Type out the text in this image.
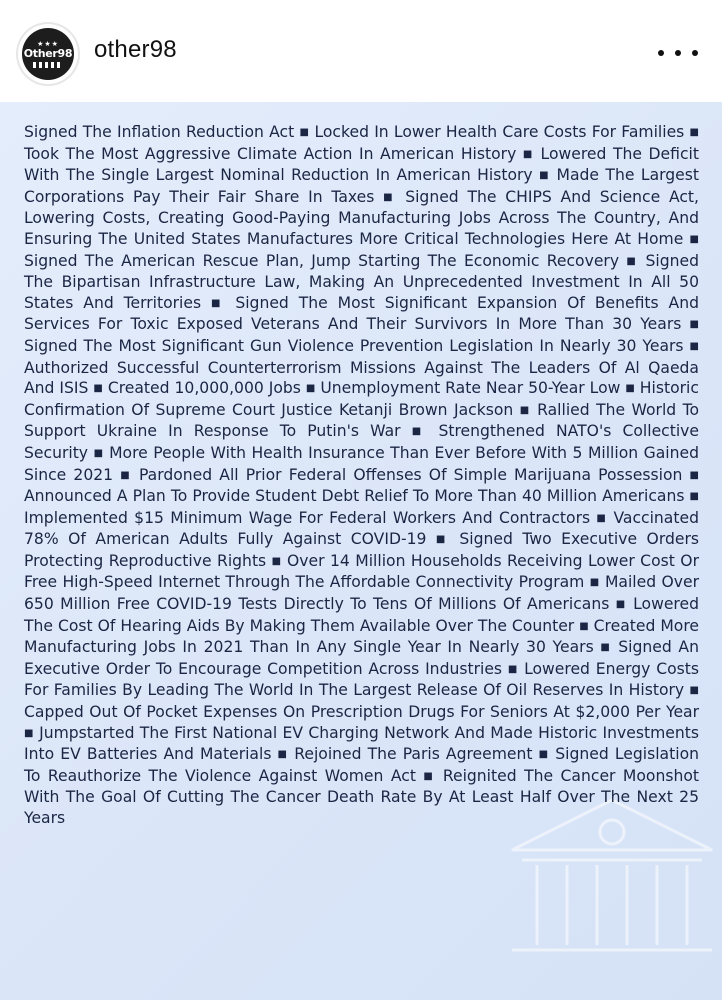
★★★
Other98 other98
Signed The Inflation Reduction Act ■ Locked In Lower Health Care Costs For Families ■ Took The Most Aggressive Climate Action In American History ■ Lowered The Deficit With The Single Largest Nominal Reduction In American History ■ Made The Largest Corporations Pay Their Fair Share In Taxes ■ Signed The CHIPS And Science Act, Lowering Costs, Creating Good-Paying Manufacturing Jobs Across The Country, And Ensuring The United States Manufactures More Critical Technologies Here At Home ■ Signed The American Rescue Plan, Jump Starting The Economic Recovery ■ Signed The Bipartisan Infrastructure Law, Making An Unprecedented Investment In All 50 States And Territories ■ Signed The Most Significant Expansion Of Benefits And Services For Toxic Exposed Veterans And Their Survivors In More Than 30 Years ■ Signed The Most Significant Gun Violence Prevention Legislation In Nearly 30 Years ■ Authorized Successful Counterterrorism Missions Against The Leaders Of Al Qaeda And ISIS ■ Created 10,000,000 Jobs ■ Unemployment Rate Near 50-Year Low ■ Historic Confirmation Of Supreme Court Justice Ketanji Brown Jackson ■ Rallied The World To Support Ukraine In Response To Putin's War ■ Strengthened NATO's Collective Security ■ More People With Health Insurance Than Ever Before With 5 Million Gained Since 2021 ■ Pardoned All Prior Federal Offenses Of Simple Marijuana Possession ■ Announced A Plan To Provide Student Debt Relief To More Than 40 Million Americans ■ Implemented $15 Minimum Wage For Federal Workers And Contractors ■ Vaccinated 78% Of American Adults Fully Against COVID-19 ■ Signed Two Executive Orders Protecting Reproductive Rights ■ Over 14 Million Households Receiving Lower Cost Or Free High-Speed Internet Through The Affordable Connectivity Program ■ Mailed Over 650 Million Free COVID-19 Tests Directly To Tens Of Millions Of Americans ■ Lowered The Cost Of Hearing Aids By Making Them Available Over The Counter ■ Created More Manufacturing Jobs In 2021 Than In Any Single Year In Nearly 30 Years ■ Signed An Executive Order To Encourage Competition Across Industries ■ Lowered Energy Costs For Families By Leading The World In The Largest Release Of Oil Reserves In History ■ Capped Out Of Pocket Expenses On Prescription Drugs For Seniors At $2,000 Per Year ■ Jumpstarted The First National EV Charging Network And Made Historic Investments Into EV Batteries And Materials ■ Rejoined The Paris Agreement ■ Signed Legislation To Reauthorize The Violence Against Women Act ■ Reignited The Cancer Moonshot With The Goal Of Cutting The Cancer Death Rate By At Least Half Over The Next 25 Years
